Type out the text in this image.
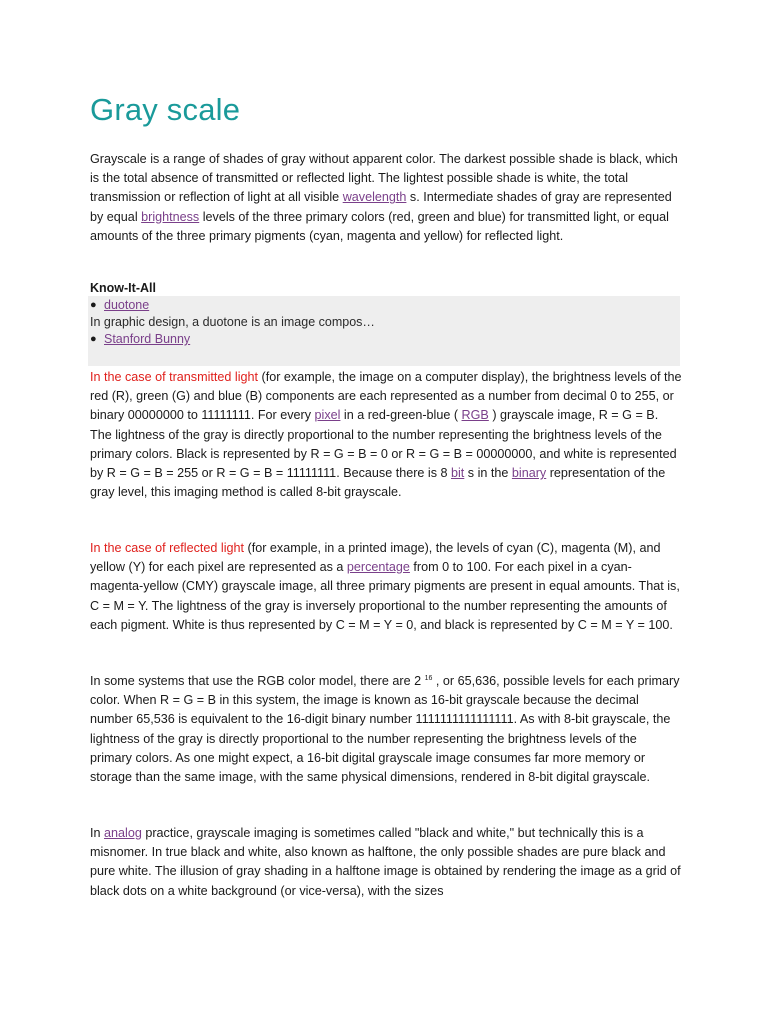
Gray scale

Grayscale is a range of shades of gray without apparent color. The darkest possible shade is black, which is the total absence of transmitted or reflected light. The lightest possible shade is white, the total transmission or reflection of light at all visible wavelength s. Intermediate shades of gray are represented by equal brightness levels of the three primary colors (red, green and blue) for transmitted light, or equal amounts of the three primary pigments (cyan, magenta and yellow) for reflected light.

Know-It-All
● duotone
In graphic design, a duotone is an image compos…
● Stanford Bunny

In the case of transmitted light (for example, the image on a computer display), the brightness levels of the red (R), green (G) and blue (B) components are each represented as a number from decimal 0 to 255, or binary 00000000 to 11111111. For every pixel in a red-green-blue ( RGB ) grayscale image, R = G = B. The lightness of the gray is directly proportional to the number representing the brightness levels of the primary colors. Black is represented by R = G = B = 0 or R = G = B = 00000000, and white is represented by R = G = B = 255 or R = G = B = 11111111. Because there is 8 bit s in the binary representation of the gray level, this imaging method is called 8-bit grayscale.

In the case of reflected light (for example, in a printed image), the levels of cyan (C), magenta (M), and yellow (Y) for each pixel are represented as a percentage from 0 to 100. For each pixel in a cyan-magenta-yellow (CMY) grayscale image, all three primary pigments are present in equal amounts. That is, C = M = Y. The lightness of the gray is inversely proportional to the number representing the amounts of each pigment. White is thus represented by C = M = Y = 0, and black is represented by C = M = Y = 100.

In some systems that use the RGB color model, there are 2 $^{16}$ , or 65,636, possible levels for each primary color. When R = G = B in this system, the image is known as 16-bit grayscale because the decimal number 65,536 is equivalent to the 16-digit binary number 1111111111111111. As with 8-bit grayscale, the lightness of the gray is directly proportional to the number representing the brightness levels of the primary colors. As one might expect, a 16-bit digital grayscale image consumes far more memory or storage than the same image, with the same physical dimensions, rendered in 8-bit digital grayscale.

In analog practice, grayscale imaging is sometimes called "black and white," but technically this is a misnomer. In true black and white, also known as halftone, the only possible shades are pure black and pure white. The illusion of gray shading in a halftone image is obtained by rendering the image as a grid of black dots on a white background (or vice-versa), with the sizes
